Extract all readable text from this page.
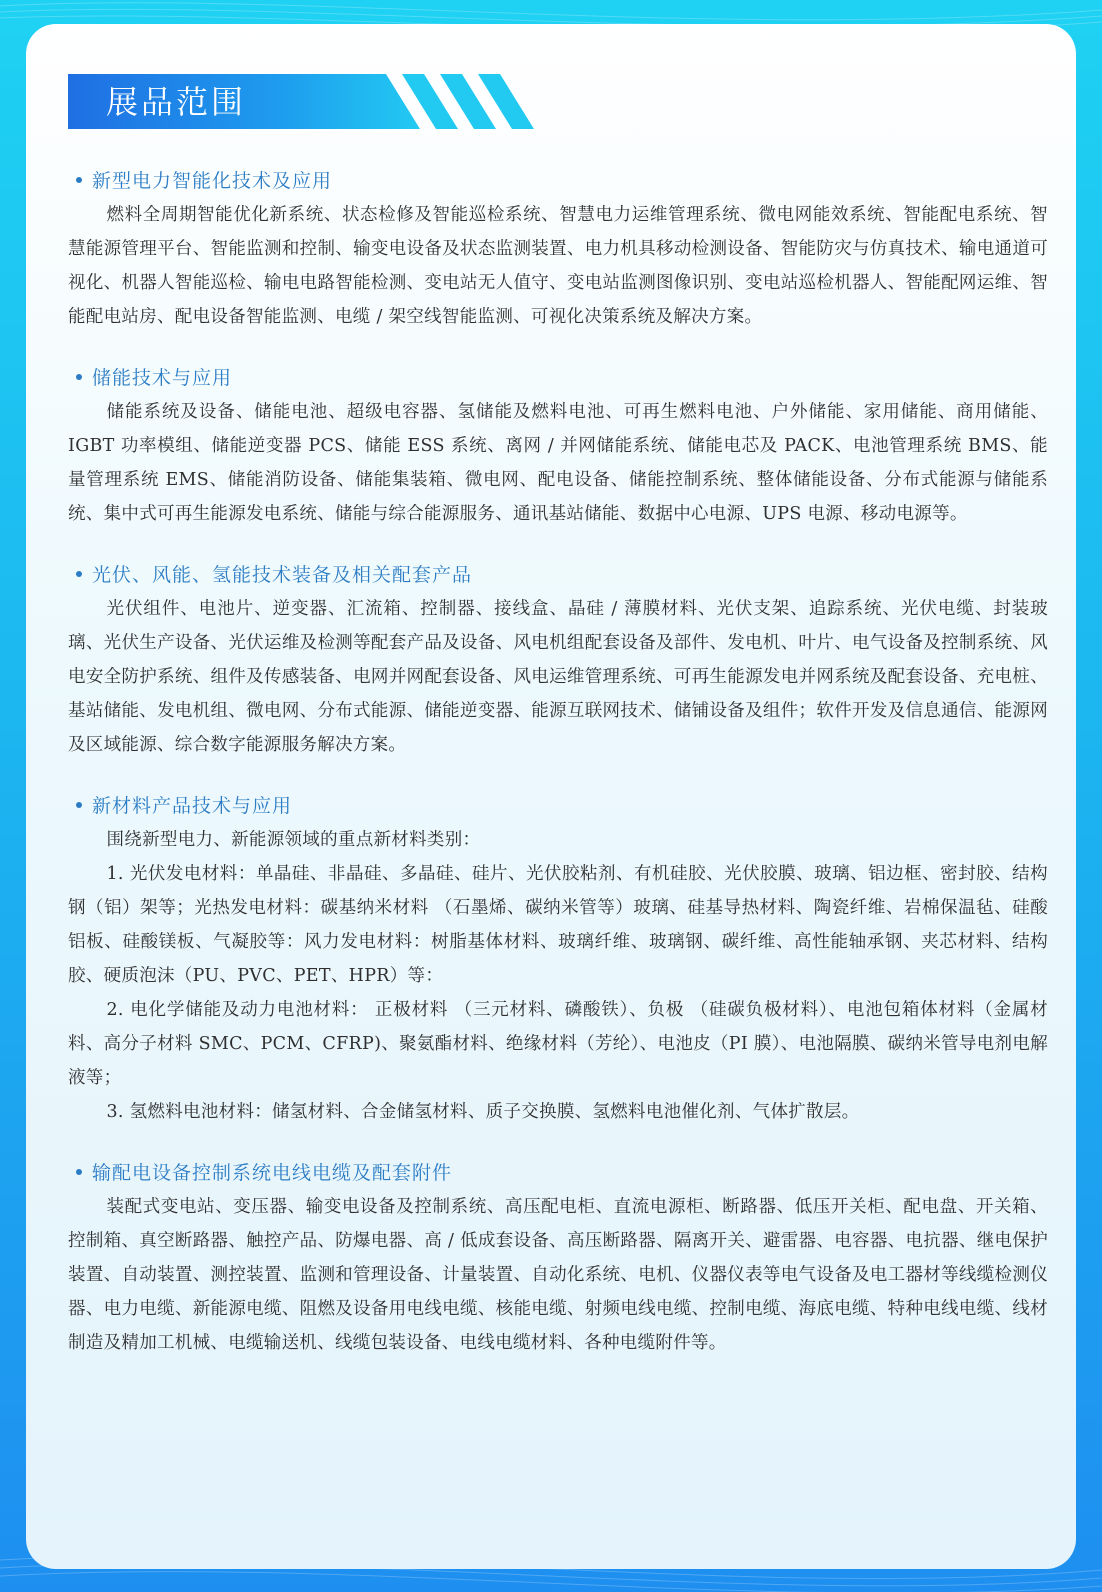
展品范围
新型电力智能化技术及应用

燃料全周期智能优化新系统、状态检修及智能巡检系统、智慧电力运维管理系统、微电网能效系统、智能配电系统、智慧能源管理平台、智能监测和控制、输变电设备及状态监测装置、电力机具移动检测设备、智能防灾与仿真技术、输电通道可视化、机器人智能巡检、输电电路智能检测、变电站无人值守、变电站监测图像识别、变电站巡检机器人、智能配网运维、智能配电站房、配电设备智能监测、电缆 / 架空线智能监测、可视化决策系统及解决方案。

储能技术与应用

储能系统及设备、储能电池、超级电容器、氢储能及燃料电池、可再生燃料电池、户外储能、家用储能、商用储能、IGBT 功率模组、储能逆变器 PCS、储能 ESS 系统、离网 / 并网储能系统、储能电芯及 PACK、电池管理系统 BMS、能量管理系统 EMS、储能消防设备、储能集装箱、微电网、配电设备、储能控制系统、整体储能设备、分布式能源与储能系统、集中式可再生能源发电系统、储能与综合能源服务、通讯基站储能、数据中心电源、UPS 电源、移动电源等。

光伏、风能、氢能技术装备及相关配套产品

光伏组件、电池片、逆变器、汇流箱、控制器、接线盒、晶硅 / 薄膜材料、光伏支架、追踪系统、光伏电缆、封装玻璃、光伏生产设备、光伏运维及检测等配套产品及设备、风电机组配套设备及部件、发电机、叶片、电气设备及控制系统、风电安全防护系统、组件及传感装备、电网并网配套设备、风电运维管理系统、可再生能源发电并网系统及配套设备、充电桩、基站储能、发电机组、微电网、分布式能源、储能逆变器、能源互联网技术、储铺设备及组件；软件开发及信息通信、能源网及区域能源、综合数字能源服务解决方案。

新材料产品技术与应用

围绕新型电力、新能源领域的重点新材料类别：

1. 光伏发电材料：单晶硅、非晶硅、多晶硅、硅片、光伏胶粘剂、有机硅胶、光伏胶膜、玻璃、铝边框、密封胶、结构钢（铝）架等；光热发电材料：碳基纳米材料 （石墨烯、碳纳米管等）玻璃、硅基导热材料、陶瓷纤维、岩棉保温毡、硅酸铝板、硅酸镁板、气凝胶等：风力发电材料：树脂基体材料、玻璃纤维、玻璃钢、碳纤维、高性能轴承钢、夹芯材料、结构胶、硬质泡沫（PU、PVC、PET、HPR）等：

2. 电化学储能及动力电池材料： 正极材料 （三元材料、磷酸铁）、负极 （硅碳负极材料）、电池包箱体材料（金属材料、高分子材料 SMC、PCM、CFRP)、聚氨酯材料、绝缘材料（芳纶）、电池皮（PI 膜）、电池隔膜、碳纳米管导电剂电解液等；

3. 氢燃料电池材料：储氢材料、合金储氢材料、质子交换膜、氢燃料电池催化剂、气体扩散层。

输配电设备控制系统电线电缆及配套附件

装配式变电站、变压器、输变电设备及控制系统、高压配电柜、直流电源柜、断路器、低压开关柜、配电盘、开关箱、控制箱、真空断路器、触控产品、防爆电器、高 / 低成套设备、高压断路器、隔离开关、避雷器、电容器、电抗器、继电保护装置、自动装置、测控装置、监测和管理设备、计量装置、自动化系统、电机、仪器仪表等电气设备及电工器材等线缆检测仪器、电力电缆、新能源电缆、阻燃及设备用电线电缆、核能电缆、射频电线电缆、控制电缆、海底电缆、特种电线电缆、线材制造及精加工机械、电缆输送机、线缆包装设备、电线电缆材料、各种电缆附件等。
